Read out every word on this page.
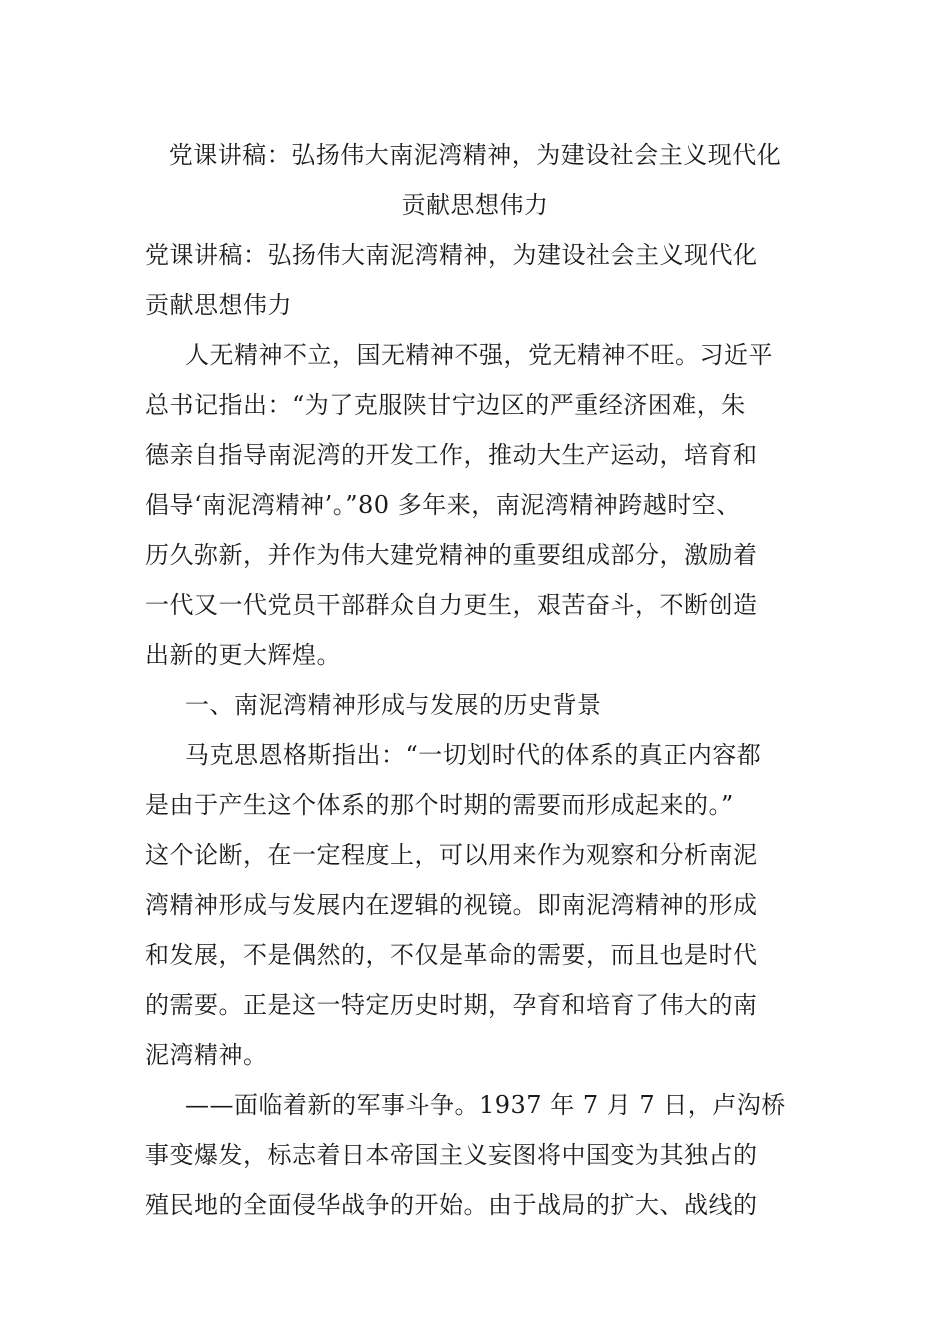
党课讲稿：弘扬伟大南泥湾精神，为建设社会主义现代化
贡献思想伟力
党课讲稿：弘扬伟大南泥湾精神，为建设社会主义现代化
贡献思想伟力
人无精神不立，国无精神不强，党无精神不旺。习近平
总书记指出：“为了克服陕甘宁边区的严重经济困难，朱
德亲自指导南泥湾的开发工作，推动大生产运动，培育和
倡导‘南泥湾精神’。”80 多年来，南泥湾精神跨越时空、
历久弥新，并作为伟大建党精神的重要组成部分，激励着
一代又一代党员干部群众自力更生，艰苦奋斗，不断创造
出新的更大辉煌。
一、南泥湾精神形成与发展的历史背景
马克思恩格斯指出：“一切划时代的体系的真正内容都
是由于产生这个体系的那个时期的需要而形成起来的。”
这个论断，在一定程度上，可以用来作为观察和分析南泥
湾精神形成与发展内在逻辑的视镜。即南泥湾精神的形成
和发展，不是偶然的，不仅是革命的需要，而且也是时代
的需要。正是这一特定历史时期，孕育和培育了伟大的南
泥湾精神。
——面临着新的军事斗争。1937 年 7 月 7 日，卢沟桥
事变爆发，标志着日本帝国主义妄图将中国变为其独占的
殖民地的全面侵华战争的开始。由于战局的扩大、战线的
